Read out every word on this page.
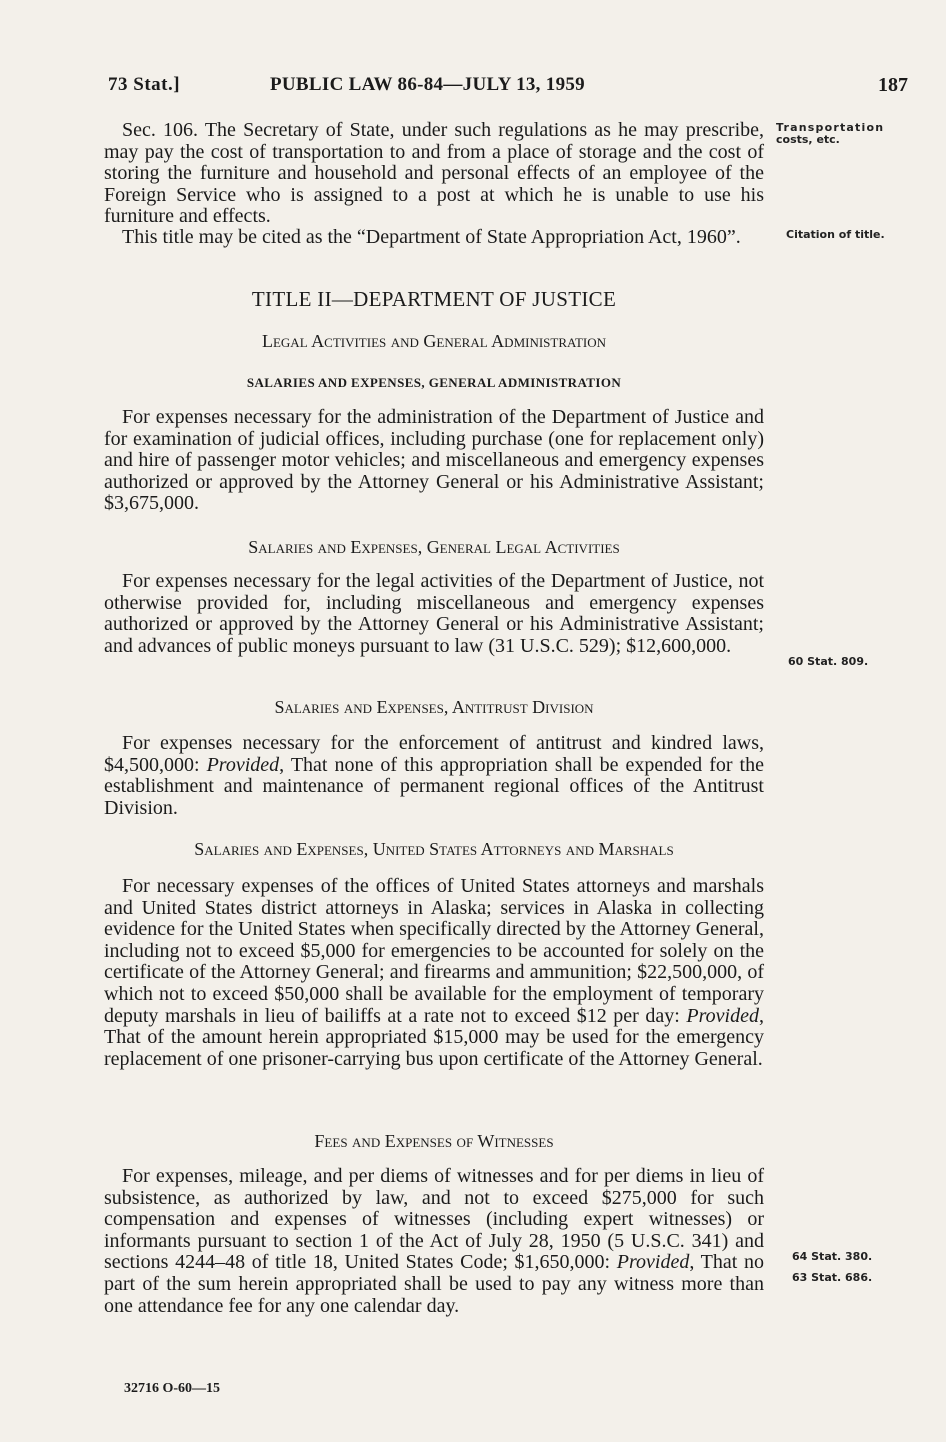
73 Stat.]	PUBLIC LAW 86-84—JULY 13, 1959	187
Transportation
costs, etc.
Citation of title.
60 Stat. 809.
64 Stat. 380.
63 Stat. 686.

Sec. 106. The Secretary of State, under such regulations as he may prescribe, may pay the cost of transportation to and from a place of storage and the cost of storing the furniture and household and personal effects of an employee of the Foreign Service who is assigned to a post at which he is unable to use his furniture and effects.

This title may be cited as the “Department of State Appropriation Act, 1960”.

TITLE II—DEPARTMENT OF JUSTICE
Legal Activities and General Administration
SALARIES AND EXPENSES, GENERAL ADMINISTRATION

For expenses necessary for the administration of the Department of Justice and for examination of judicial offices, including purchase (one for replacement only) and hire of passenger motor vehicles; and miscellaneous and emergency expenses authorized or approved by the Attorney General or his Administrative Assistant; $3,675,000.

Salaries and Expenses, General Legal Activities

For expenses necessary for the legal activities of the Department of Justice, not otherwise provided for, including miscellaneous and emergency expenses authorized or approved by the Attorney General or his Administrative Assistant; and advances of public moneys pursuant to law (31 U.S.C. 529); $12,600,000.

Salaries and Expenses, Antitrust Division

For expenses necessary for the enforcement of antitrust and kindred laws, $4,500,000: Provided, That none of this appropriation shall be expended for the establishment and maintenance of permanent regional offices of the Antitrust Division.

Salaries and Expenses, United States Attorneys and Marshals

For necessary expenses of the offices of United States attorneys and marshals and United States district attorneys in Alaska; services in Alaska in collecting evidence for the United States when specifically directed by the Attorney General, including not to exceed $5,000 for emergencies to be accounted for solely on the certificate of the Attorney General; and firearms and ammunition; $22,500,000, of which not to exceed $50,000 shall be available for the employment of temporary deputy marshals in lieu of bailiffs at a rate not to exceed $12 per day: Provided, That of the amount herein appropriated $15,000 may be used for the emergency replacement of one prisoner-carrying bus upon certificate of the Attorney General.

Fees and Expenses of Witnesses

For expenses, mileage, and per diems of witnesses and for per diems in lieu of subsistence, as authorized by law, and not to exceed $275,000 for such compensation and expenses of witnesses (including expert witnesses) or informants pursuant to section 1 of the Act of July 28, 1950 (5 U.S.C. 341) and sections 4244–48 of title 18, United States Code; $1,650,000: Provided, That no part of the sum herein appropriated shall be used to pay any witness more than one attendance fee for any one calendar day.

32716 O-60—15
